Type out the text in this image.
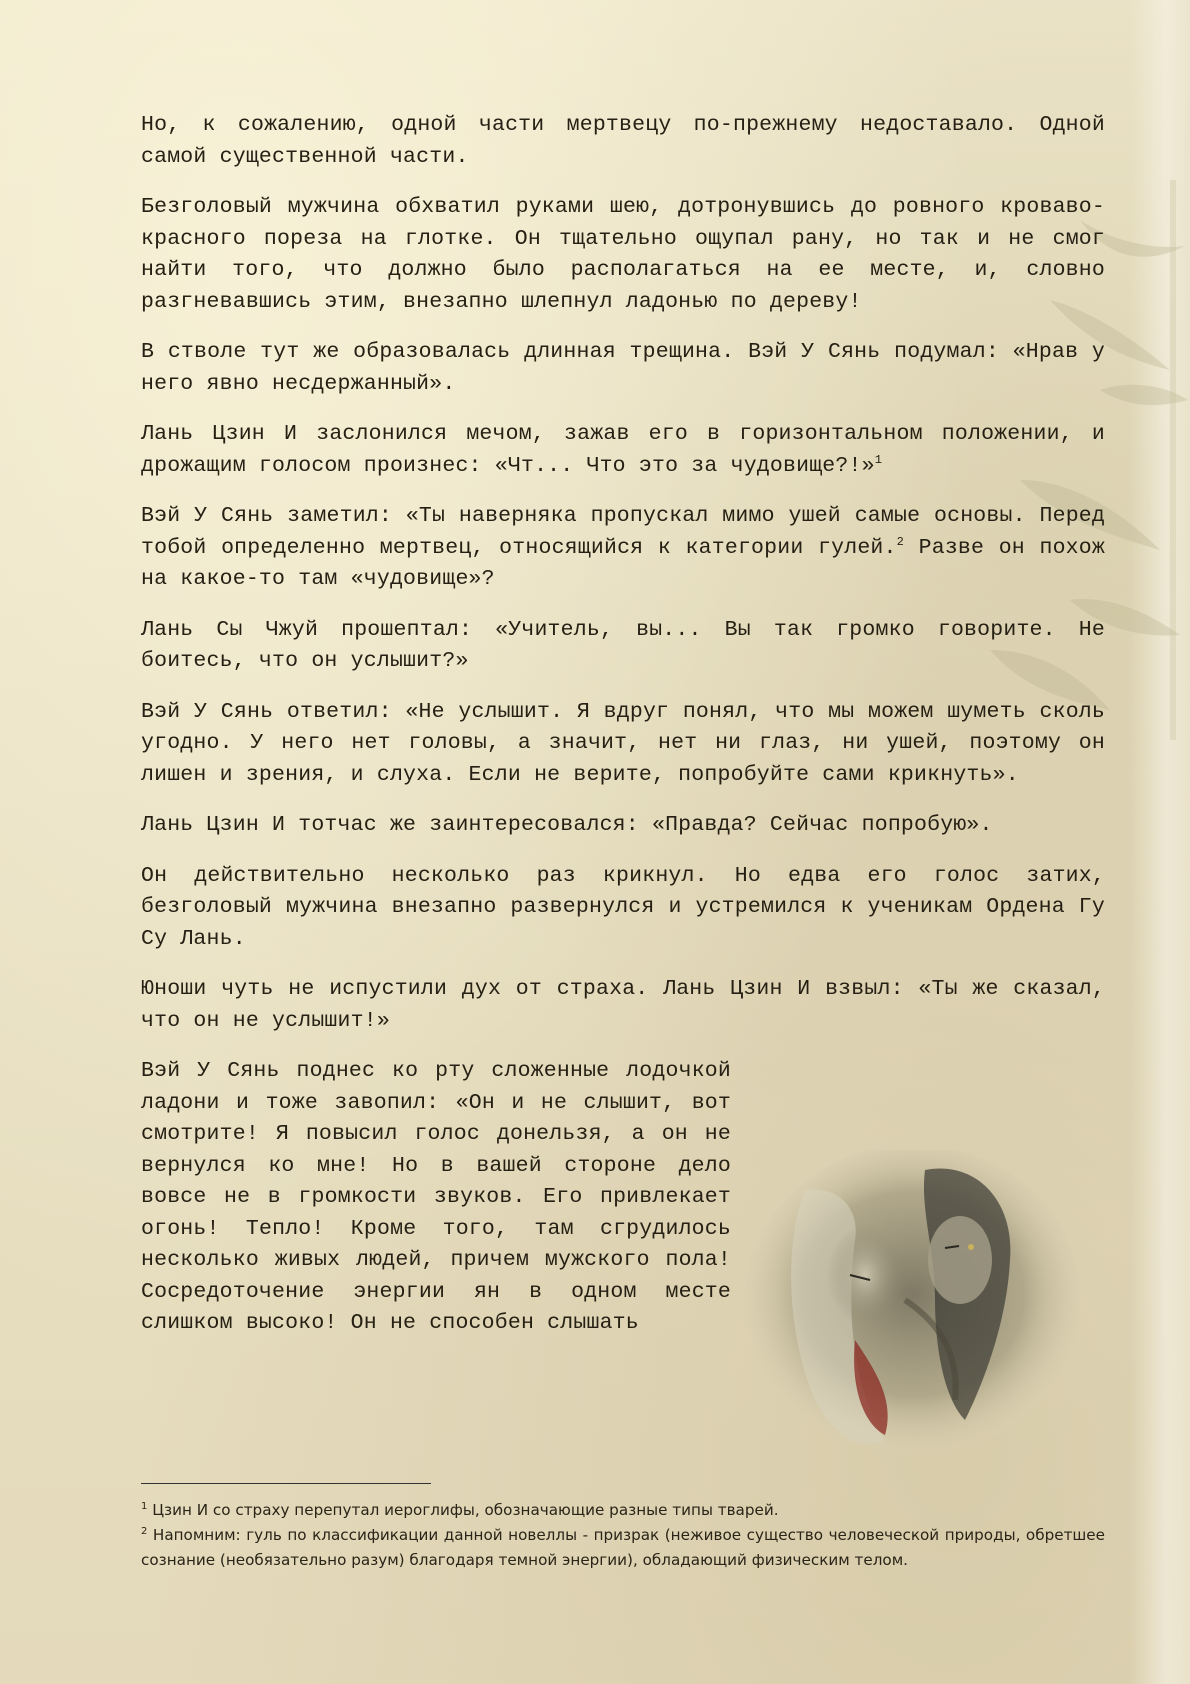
Но, к сожалению, одной части мертвецу по-прежнему недоставало. Одной самой существенной части.

Безголовый мужчина обхватил руками шею, дотронувшись до ровного кроваво-красного пореза на глотке. Он тщательно ощупал рану, но так и не смог найти того, что должно было располагаться на ее месте, и, словно разгневавшись этим, внезапно шлепнул ладонью по дереву!

В стволе тут же образовалась длинная трещина. Вэй У Сянь подумал: «Нрав у него явно несдержанный».

Лань Цзин И заслонился мечом, зажав его в горизонтальном положении, и дрожащим голосом произнес: «Чт... Что это за чудовище?!»$^1$

Вэй У Сянь заметил: «Ты наверняка пропускал мимо ушей самые основы. Перед тобой определенно мертвец, относящийся к категории гулей.$^2$ Разве он похож на какое-то там «чудовище»?

Лань Сы Чжуй прошептал: «Учитель, вы... Вы так громко говорите. Не боитесь, что он услышит?»

Вэй У Сянь ответил: «Не услышит. Я вдруг понял, что мы можем шуметь сколь угодно. У него нет головы, а значит, нет ни глаз, ни ушей, поэтому он лишен и зрения, и слуха. Если не верите, попробуйте сами крикнуть».

Лань Цзин И тотчас же заинтересовался: «Правда? Сейчас попробую».

Он действительно несколько раз крикнул. Но едва его голос затих, безголовый мужчина внезапно развернулся и устремился к ученикам Ордена Гу Су Лань.

Юноши чуть не испустили дух от страха. Лань Цзин И взвыл: «Ты же сказал, что он не услышит!»

Вэй У Сянь поднес ко рту сложенные лодочкой ладони и тоже завопил: «Он и не слышит, вот смотрите! Я повысил голос донельзя, а он не вернулся ко мне! Но в вашей стороне дело вовсе не в громкости звуков. Его привлекает огонь! Тепло! Кроме того, там сгрудилось несколько живых людей, причем мужского пола! Сосредоточение энергии ян в одном месте слишком высоко! Он не способен слышать

$^1$ Цзин И со страху перепутал иероглифы, обозначающие разные типы тварей.

$^2$ Напомним: гуль по классификации данной новеллы - призрак (неживое существо человеческой природы, обретшее сознание (необязательно разум) благодаря темной энергии), обладающий физическим телом.
